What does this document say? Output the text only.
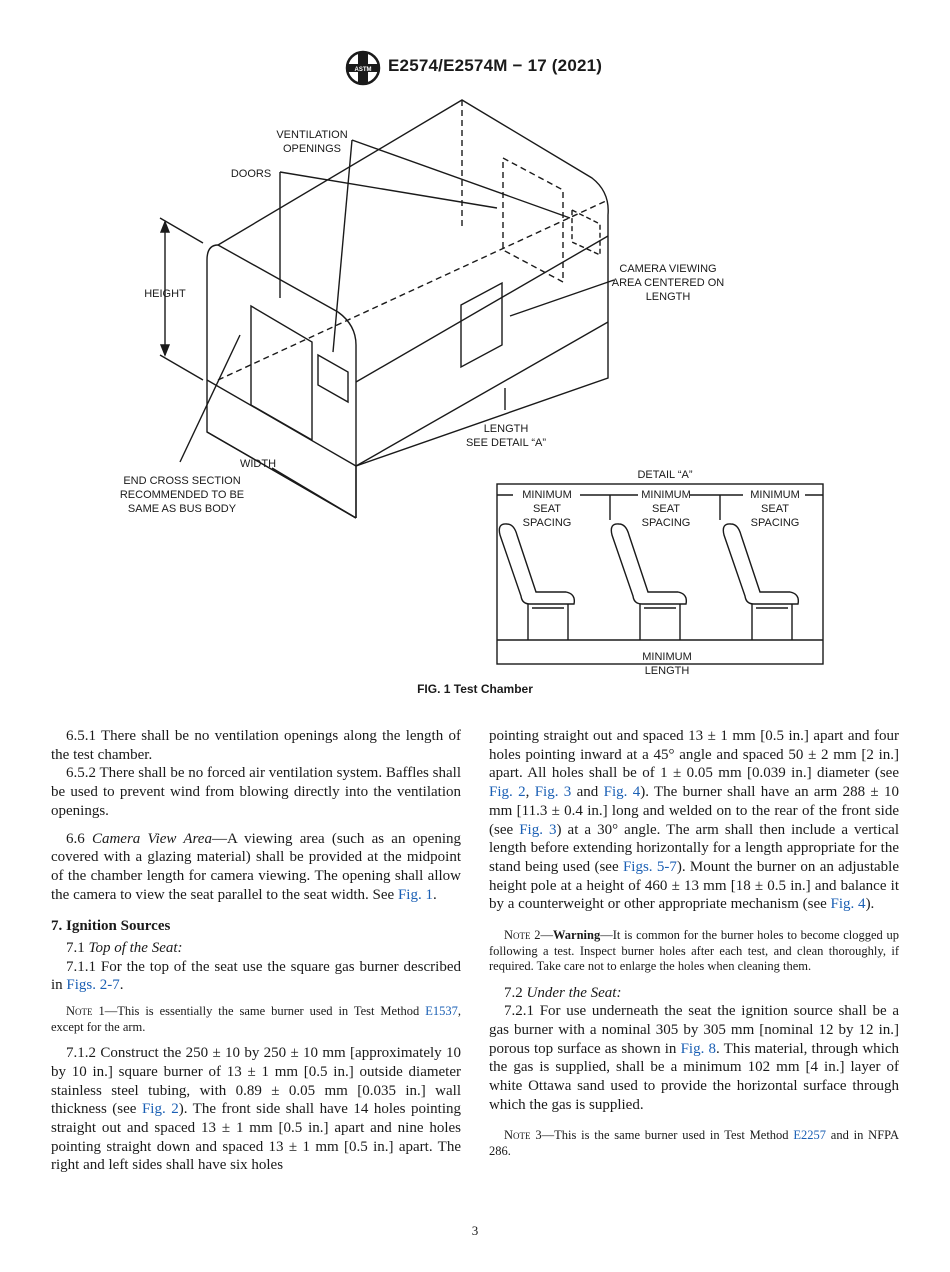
ASTM E2574/E2574M − 17 (2021)
VENTILATION
OPENINGS
DOORS
HEIGHT
CAMERA VIEWING
AREA CENTERED ON
LENGTH
LENGTH
SEE DETAIL “A”
WIDTH
END CROSS SECTION
RECOMMENDED TO BE
SAME AS BUS BODY
DETAIL “A”
MINIMUM
SEAT
SPACING
MINIMUM
SEAT
SPACING
MINIMUM
SEAT
SPACING
MINIMUM
LENGTH
FIG. 1 Test Chamber

6.5.1 There shall be no ventilation openings along the length of the test chamber.

6.5.2 There shall be no forced air ventilation system. Baffles shall be used to prevent wind from blowing directly into the ventilation openings.

6.6 Camera View Area—A viewing area (such as an opening covered with a glazing material) shall be provided at the midpoint of the chamber length for camera viewing. The opening shall allow the camera to view the seat parallel to the seat width. See Fig. 1.

7. Ignition Sources

7.1 Top of the Seat:

7.1.1 For the top of the seat use the square gas burner described in Figs. 2-7.

Note 1—This is essentially the same burner used in Test Method E1537, except for the arm.

7.1.2 Construct the 250 ± 10 by 250 ± 10 mm [approximately 10 by 10 in.] square burner of 13 ± 1 mm [0.5 in.] outside diameter stainless steel tubing, with 0.89 ± 0.05 mm [0.035 in.] wall thickness (see Fig. 2). The front side shall have 14 holes pointing straight out and spaced 13 ± 1 mm [0.5 in.] apart and nine holes pointing straight down and spaced 13 ± 1 mm [0.5 in.] apart. The right and left sides shall have six holes

pointing straight out and spaced 13 ± 1 mm [0.5 in.] apart and four holes pointing inward at a 45° angle and spaced 50 ± 2 mm [2 in.] apart. All holes shall be of 1 ± 0.05 mm [0.039 in.] diameter (see Fig. 2, Fig. 3 and Fig. 4). The burner shall have an arm 288 ± 10 mm [11.3 ± 0.4 in.] long and welded on to the rear of the front side (see Fig. 3) at a 30° angle. The arm shall then include a vertical length before extending horizontally for a length appropriate for the stand being used (see Figs. 5-7). Mount the burner on an adjustable height pole at a height of 460 ± 13 mm [18 ± 0.5 in.] and balance it by a counterweight or other appropriate mechanism (see Fig. 4).

Note 2—Warning—It is common for the burner holes to become clogged up following a test. Inspect burner holes after each test, and clean thoroughly, if required. Take care not to enlarge the holes when cleaning them.

7.2 Under the Seat:

7.2.1 For use underneath the seat the ignition source shall be a gas burner with a nominal 305 by 305 mm [nominal 12 by 12 in.] porous top surface as shown in Fig. 8. This material, through which the gas is supplied, shall be a minimum 102 mm [4 in.] layer of white Ottawa sand used to provide the horizontal surface through which the gas is supplied.

Note 3—This is the same burner used in Test Method E2257 and in NFPA 286.

3
